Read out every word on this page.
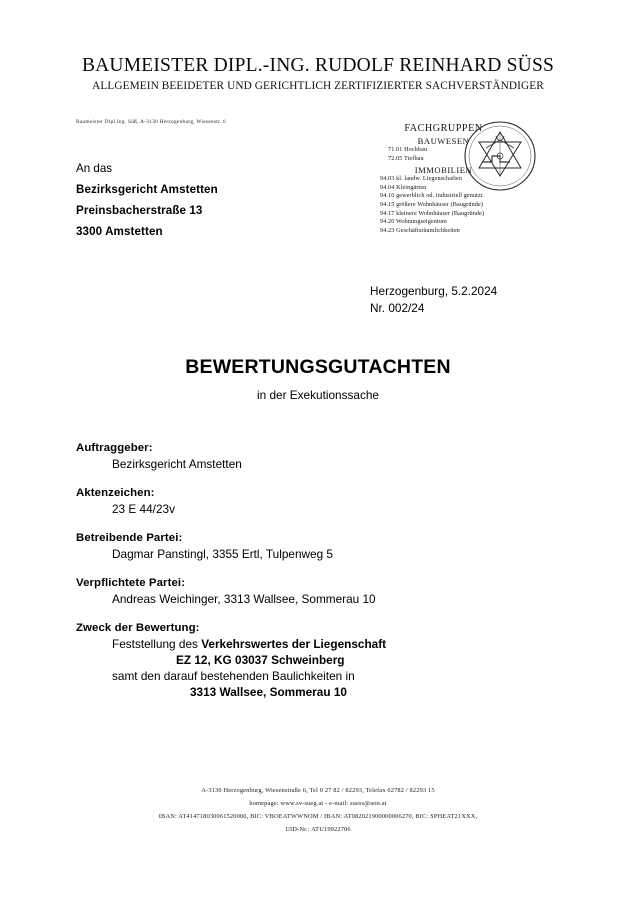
BAUMEISTER DIPL.-ING. RUDOLF REINHARD SÜSS
ALLGEMEIN BEEIDETER UND GERICHTLICH ZERTIFIZIERTER SACHVERSTÄNDIGER
Baumeister Dipl.Ing. Süß, A-3130 Herzogenburg, Wiesenstr. 6
An das
Bezirksgericht Amstetten
Preinsbacherstraße 13
3300 Amstetten
FACHGRUPPEN
BAUWESEN
71.01 Hochbau
72.05 Tiefbau
IMMOBILIEN
94.03 kl. landw. Liegenschaften
94.04 Kleingärten
94.10 gewerblich od. industriell genutzt
94.15 größere Wohnhäuser (Baugründe)
94.17 kleinere Wohnhäuser (Baugründe)
94.20 Wohnungseigentum
94.23 Geschäftsräumlichkeiten
Herzogenburg, 5.2.2024
Nr. 002/24
BEWERTUNGSGUTACHTEN
in der Exekutionssache
Auftraggeber:
Bezirksgericht Amstetten
Aktenzeichen:
23 E 44/23v
Betreibende Partei:
Dagmar Panstingl, 3355 Ertl, Tulpenweg 5
Verpflichtete Partei:
Andreas Weichinger, 3313 Wallsee, Sommerau 10
Zweck der Bewertung:
Feststellung des Verkehrswertes der Liegenschaft
EZ 12, KG 03037 Schweinberg
samt den darauf bestehenden Baulichkeiten in
3313 Wallsee, Sommerau 10
A-3130 Herzogenburg, Wiesenstraße 6, Tel 0 27 82 / 82293, Telefax 02782 / 82293 15
homepage: www.sv-sueg.at - e-mail: suess@aon.at
IBAN: AT414718030061520000, BIC: VBOEATWWNOM / IBAN: AT082021900000006270, BIC: SPHEAT21XXX,
UID-Nr.: ATU19922706
